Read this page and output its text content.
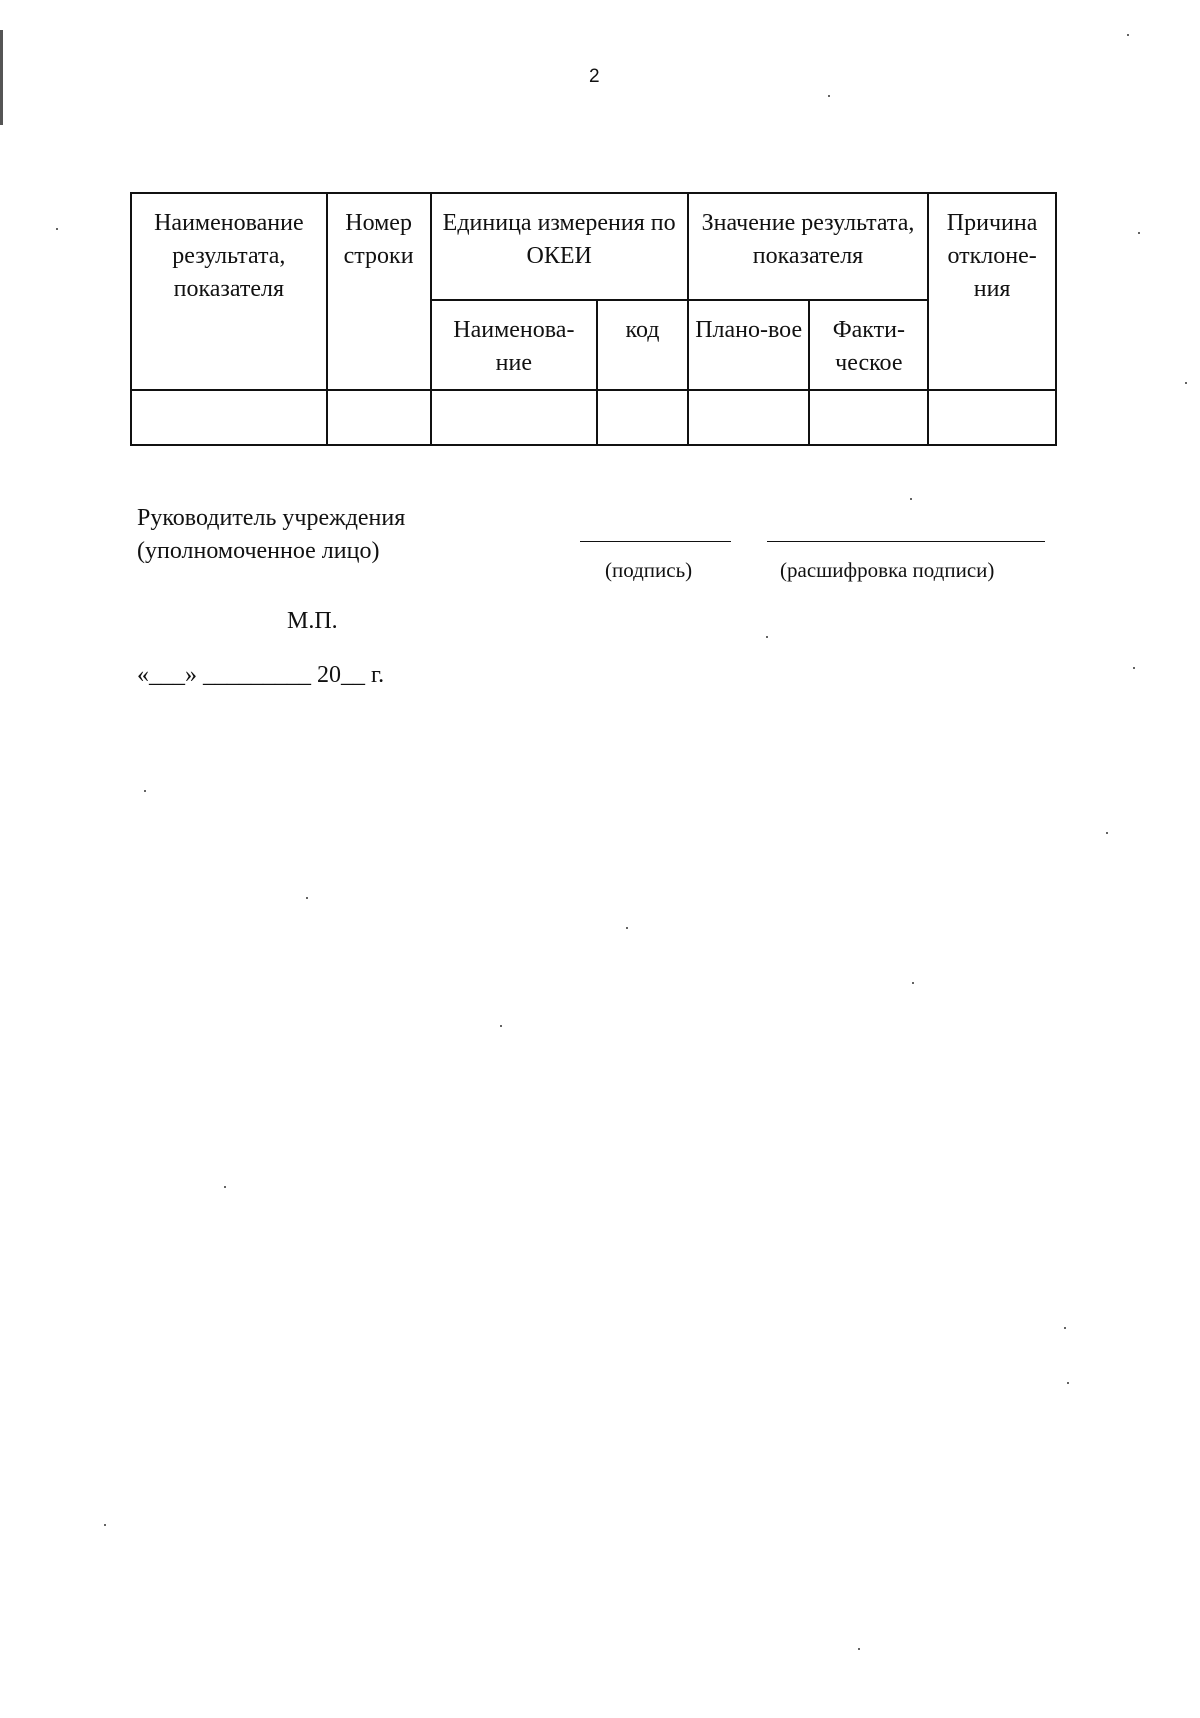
2
Наименование результата, показателя	Номер строки	Единица измерения по ОКЕИ		Значение результата, показателя		Причина отклоне-ния
		Наименова-ние	код	Плано-вое	Факти-ческое	

Руководитель учреждения
(уполномоченное лицо)
(подпись)	(расшифровка подписи)
М.П.
«___» _________ 20__ г.
